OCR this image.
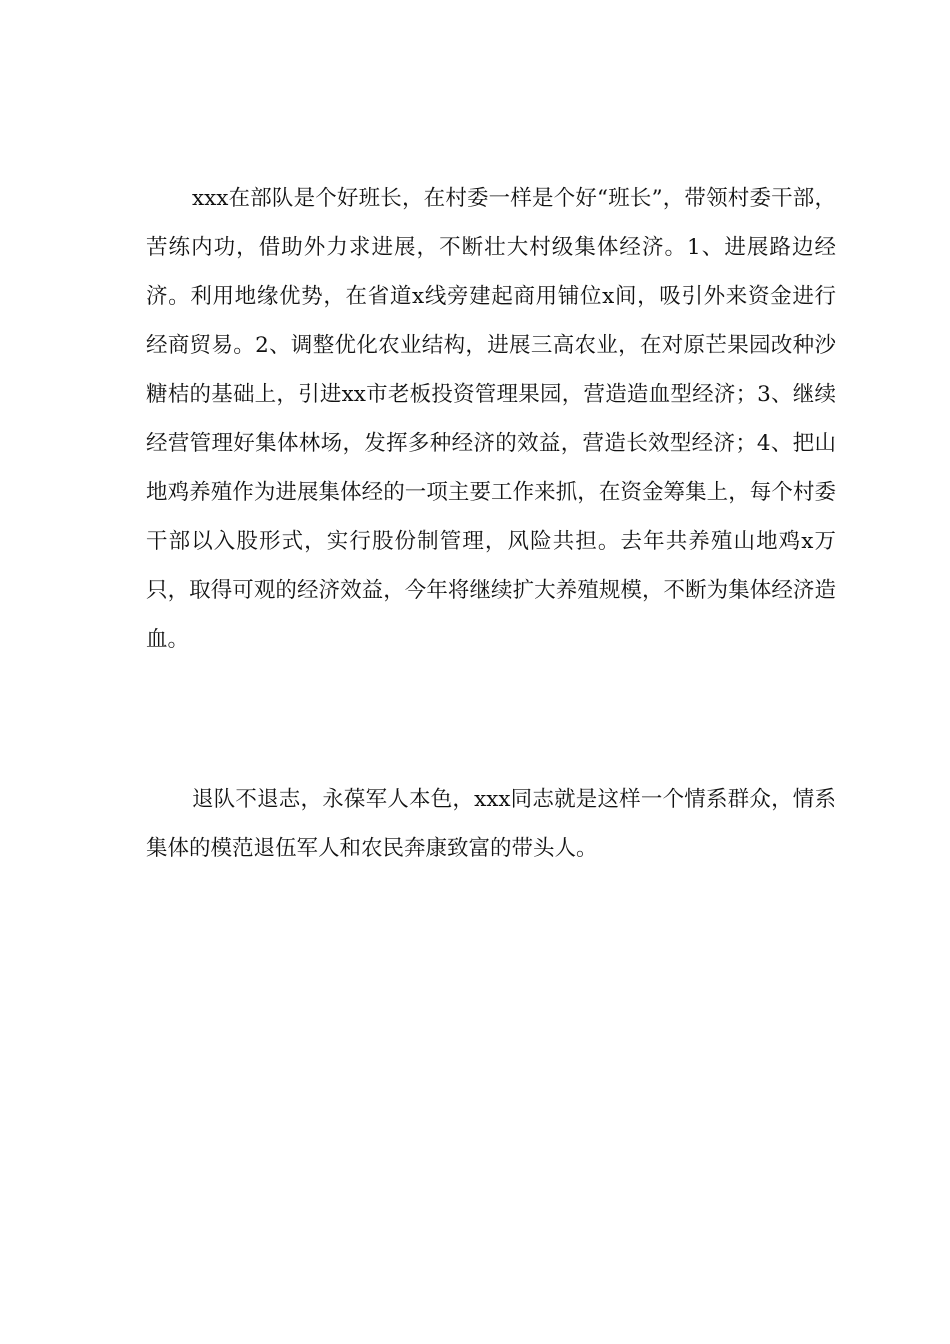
xxx在部队是个好班长，在村委一样是个好“班长”，带领村委干部，苦练内功，借助外力求进展，不断壮大村级集体经济。1、进展路边经济。利用地缘优势，在省道x线旁建起商用铺位x间，吸引外来资金进行经商贸易。2、调整优化农业结构，进展三高农业，在对原芒果园改种沙糖桔的基础上，引进xx市老板投资管理果园，营造造血型经济；3、继续经营管理好集体林场，发挥多种经济的效益，营造长效型经济；4、把山地鸡养殖作为进展集体经的一项主要工作来抓，在资金筹集上，每个村委干部以入股形式，实行股份制管理，风险共担。去年共养殖山地鸡x万只，取得可观的经济效益，今年将继续扩大养殖规模，不断为集体经济造血。

退队不退志，永葆军人本色，xxx同志就是这样一个情系群众，情系集体的模范退伍军人和农民奔康致富的带头人。
